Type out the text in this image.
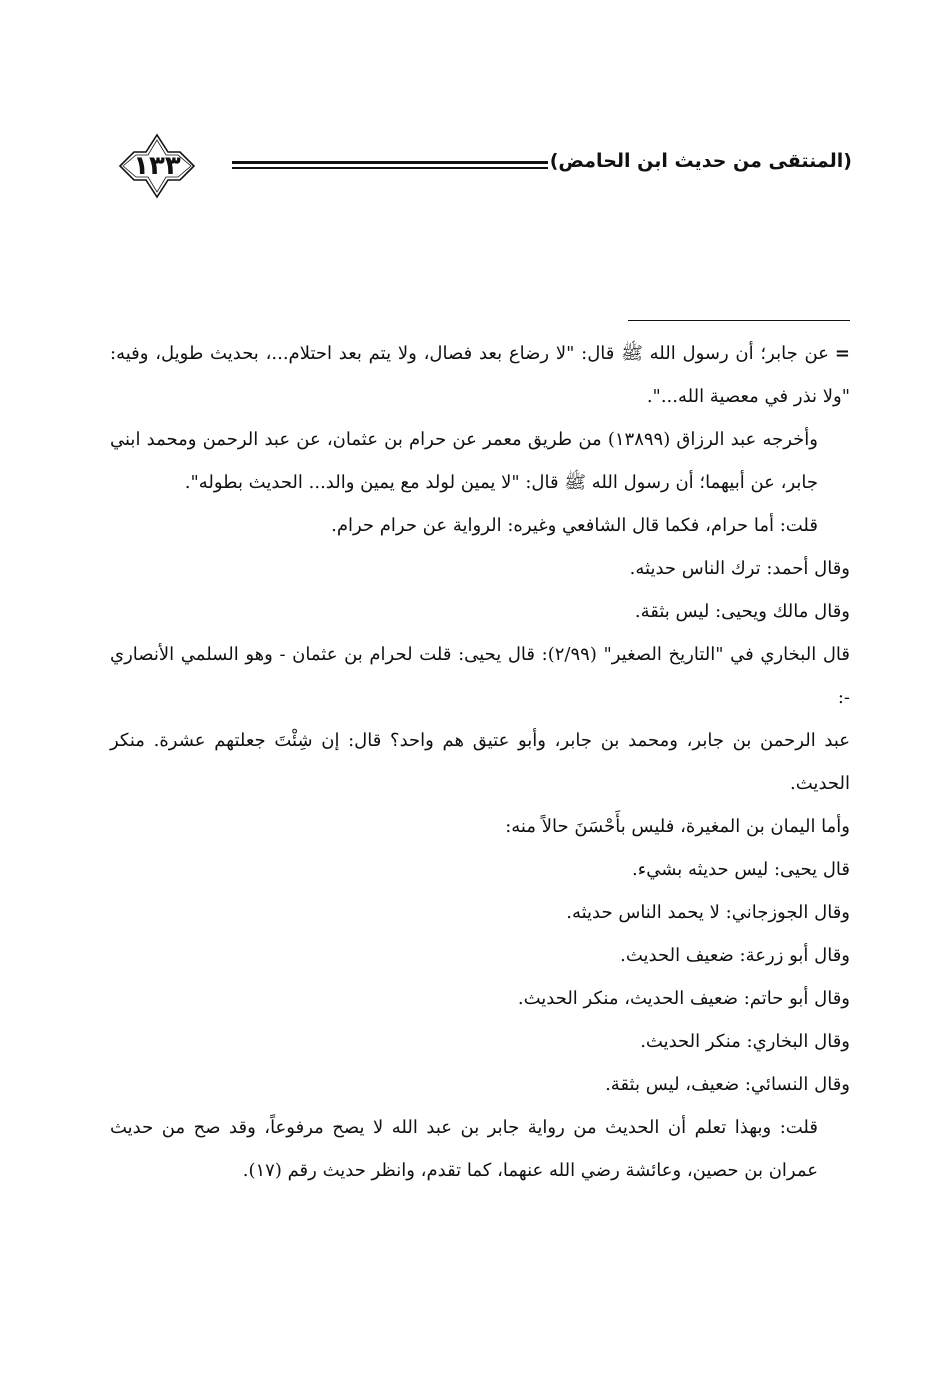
(المنتقى من حديث ابن الحامض)
١٣٣

=عن جابر؛ أن رسول الله ﷺ قال: "لا رضاع بعد فصال، ولا يتم بعد احتلام...، بحديث طويل، وفيه: "ولا نذر في معصية الله...".

وأخرجه عبد الرزاق (١٣٨٩٩) من طريق معمر عن حرام بن عثمان، عن عبد الرحمن ومحمد ابني جابر، عن أبيهما؛ أن رسول الله ﷺ قال: "لا يمين لولد مع يمين والد... الحديث بطوله".

قلت: أما حرام، فكما قال الشافعي وغيره: الرواية عن حرام حرام.

وقال أحمد: ترك الناس حديثه.

وقال مالك ويحيى: ليس بثقة.

قال البخاري في "التاريخ الصغير" (٢/٩٩): قال يحيى: قلت لحرام بن عثمان - وهو السلمي الأنصاري -:

عبد الرحمن بن جابر، ومحمد بن جابر، وأبو عتيق هم واحد؟ قال: إن شِئْتَ جعلتهم عشرة. منكر الحديث.

وأما اليمان بن المغيرة، فليس بأَحْسَنَ حالاً منه:

قال يحيى: ليس حديثه بشيء.

وقال الجوزجاني: لا يحمد الناس حديثه.

وقال أبو زرعة: ضعيف الحديث.

وقال أبو حاتم: ضعيف الحديث، منكر الحديث.

وقال البخاري: منكر الحديث.

وقال النسائي: ضعيف، ليس بثقة.

قلت: وبهذا تعلم أن الحديث من رواية جابر بن عبد الله لا يصح مرفوعاً، وقد صح من حديث عمران بن حصين، وعائشة رضي الله عنهما، كما تقدم، وانظر حديث رقم (١٧).
